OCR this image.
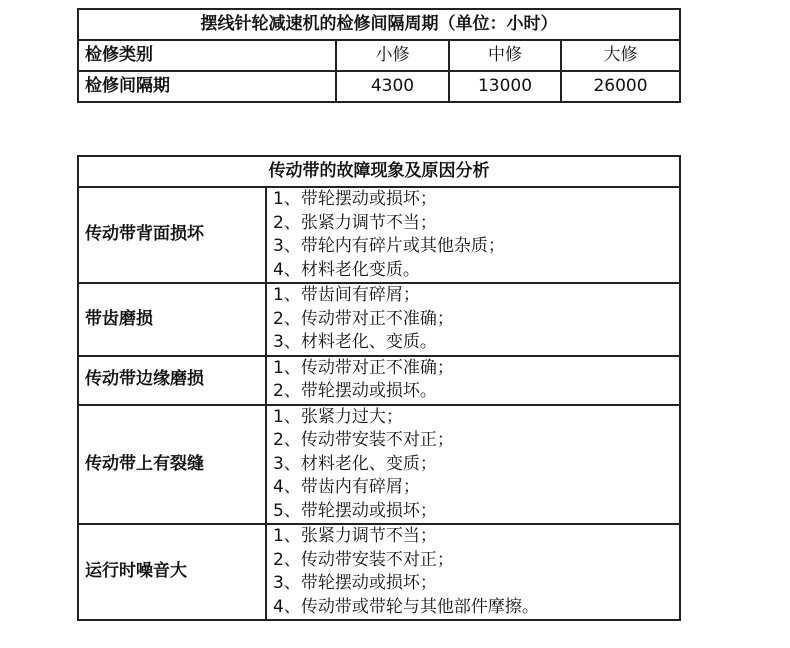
摆线针轮减速机的检修间隔周期（单位：小时）			
检修类别	小修	中修	大修
检修间隔期	4300	13000	26000
传动带的故障现象及原因分析	
传动带背面损坏	1、带轮摆动或损坏；
2、张紧力调节不当；
3、带轮内有碎片或其他杂质；
4、材料老化变质。

带齿磨损	1、带齿间有碎屑；
2、传动带对正不准确；
3、材料老化、变质。

传动带边缘磨损	1、传动带对正不准确；
2、带轮摆动或损坏。

传动带上有裂缝	1、张紧力过大；
2、传动带安装不对正；
3、材料老化、变质；
4、带齿内有碎屑；
5、带轮摆动或损坏；

运行时噪音大	1、张紧力调节不当；
2、传动带安装不对正；
3、带轮摆动或损坏；
4、传动带或带轮与其他部件摩擦。
